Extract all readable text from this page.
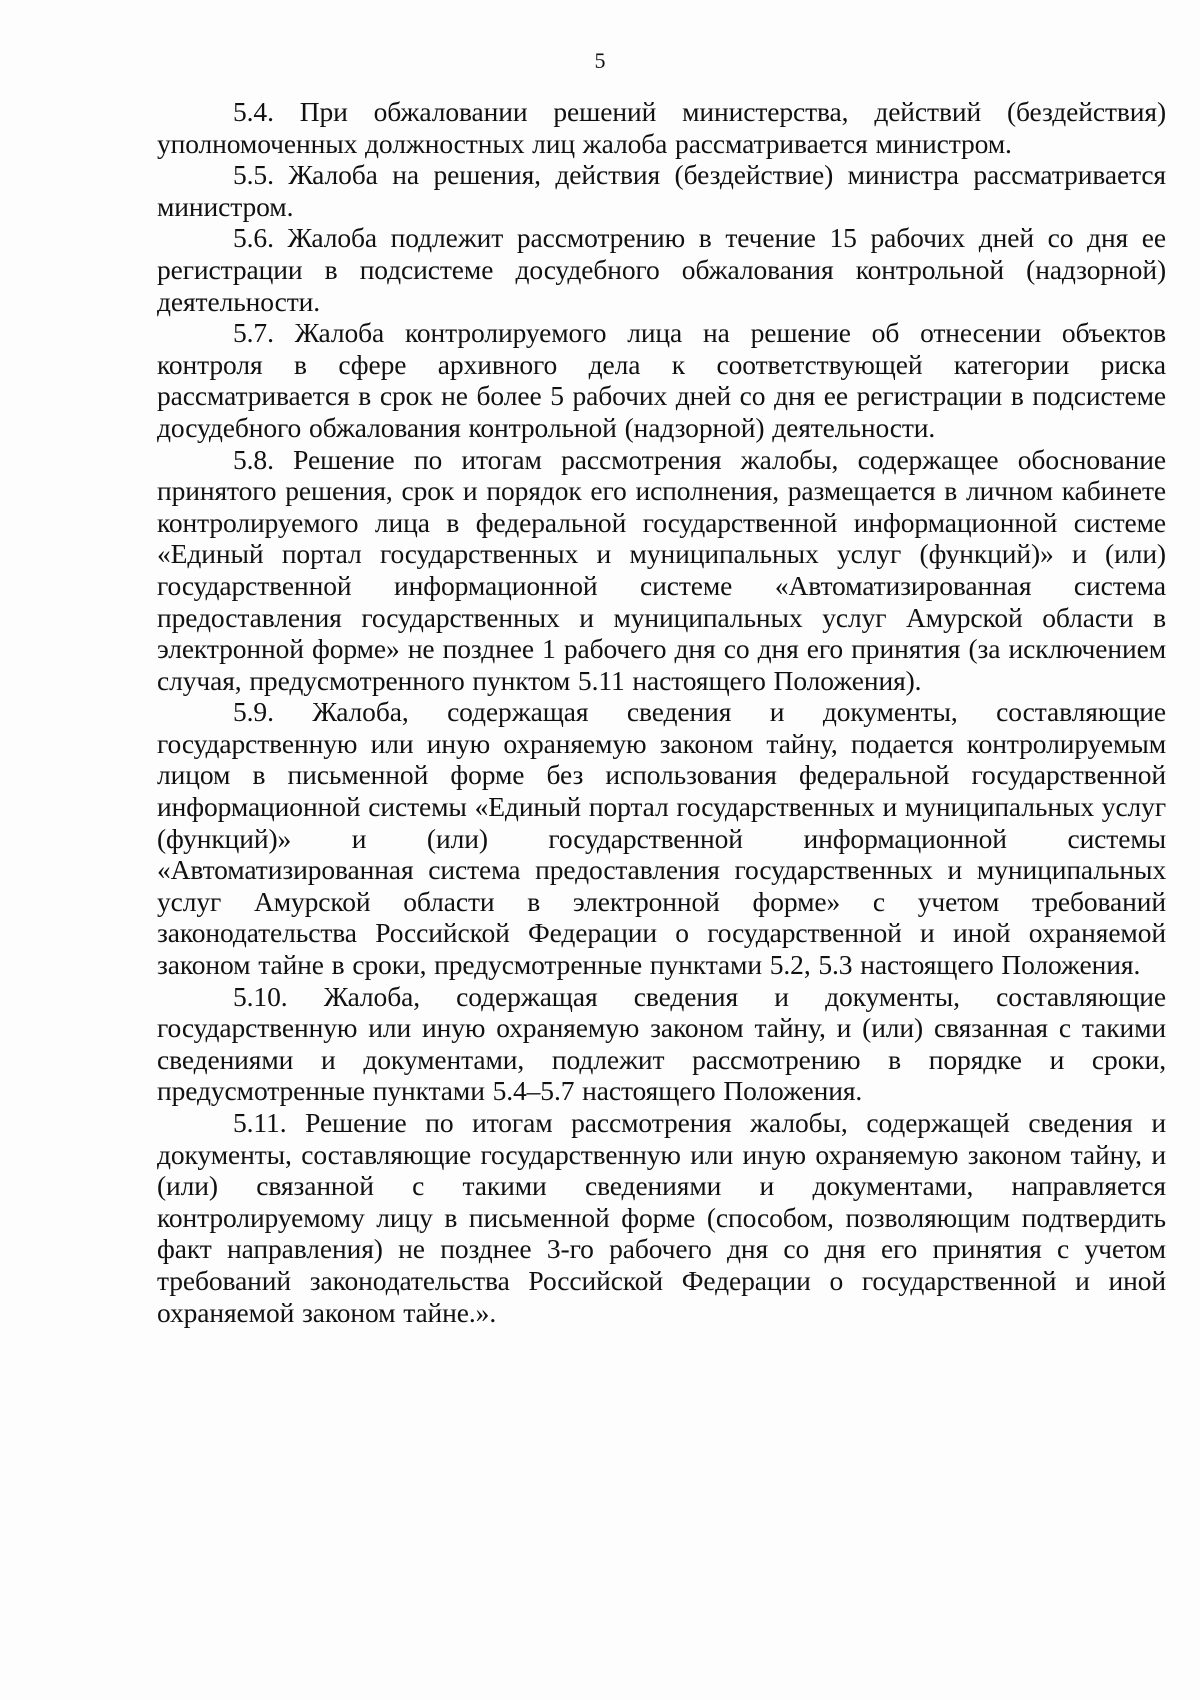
5

5.4. При обжаловании решений министерства, действий (бездействия) уполномоченных должностных лиц жалоба рассматривается министром.

5.5. Жалоба на решения, действия (бездействие) министра рассматривается министром.

5.6. Жалоба подлежит рассмотрению в течение 15 рабочих дней со дня ее регистрации в подсистеме досудебного обжалования контрольной (надзорной) деятельности.

5.7. Жалоба контролируемого лица на решение об отнесении объектов контроля в сфере архивного дела к соответствующей категории риска рассматривается в срок не более 5 рабочих дней со дня ее регистрации в подсистеме досудебного обжалования контрольной (надзорной) деятельности.

5.8. Решение по итогам рассмотрения жалобы, содержащее обоснование принятого решения, срок и порядок его исполнения, размещается в личном кабинете контролируемого лица в федеральной государственной информационной системе «Единый портал государственных и муниципальных услуг (функций)» и (или) государственной информационной системе «Автоматизированная система предоставления государственных и муниципальных услуг Амурской области в электронной форме» не позднее 1 рабочего дня со дня его принятия (за исключением случая, предусмотренного пунктом 5.11 настоящего Положения).

5.9. Жалоба, содержащая сведения и документы, составляющие государственную или иную охраняемую законом тайну, подается контролируемым лицом в письменной форме без использования федеральной государственной информационной системы «Единый портал государственных и муниципальных услуг (функций)» и (или) государственной информационной системы «Автоматизированная система предоставления государственных и муниципальных услуг Амурской области в электронной форме» с учетом требований законодательства Российской Федерации о государственной и иной охраняемой законом тайне в сроки, предусмотренные пунктами 5.2, 5.3 настоящего Положения.

5.10. Жалоба, содержащая сведения и документы, составляющие государственную или иную охраняемую законом тайну, и (или) связанная с такими сведениями и документами, подлежит рассмотрению в порядке и сроки, предусмотренные пунктами 5.4–5.7 настоящего Положения.

5.11. Решение по итогам рассмотрения жалобы, содержащей сведения и документы, составляющие государственную или иную охраняемую законом тайну, и (или) связанной с такими сведениями и документами, направляется контролируемому лицу в письменной форме (способом, позволяющим подтвердить факт направления) не позднее 3-го рабочего дня со дня его принятия с учетом требований законодательства Российской Федерации о государственной и иной охраняемой законом тайне.».
